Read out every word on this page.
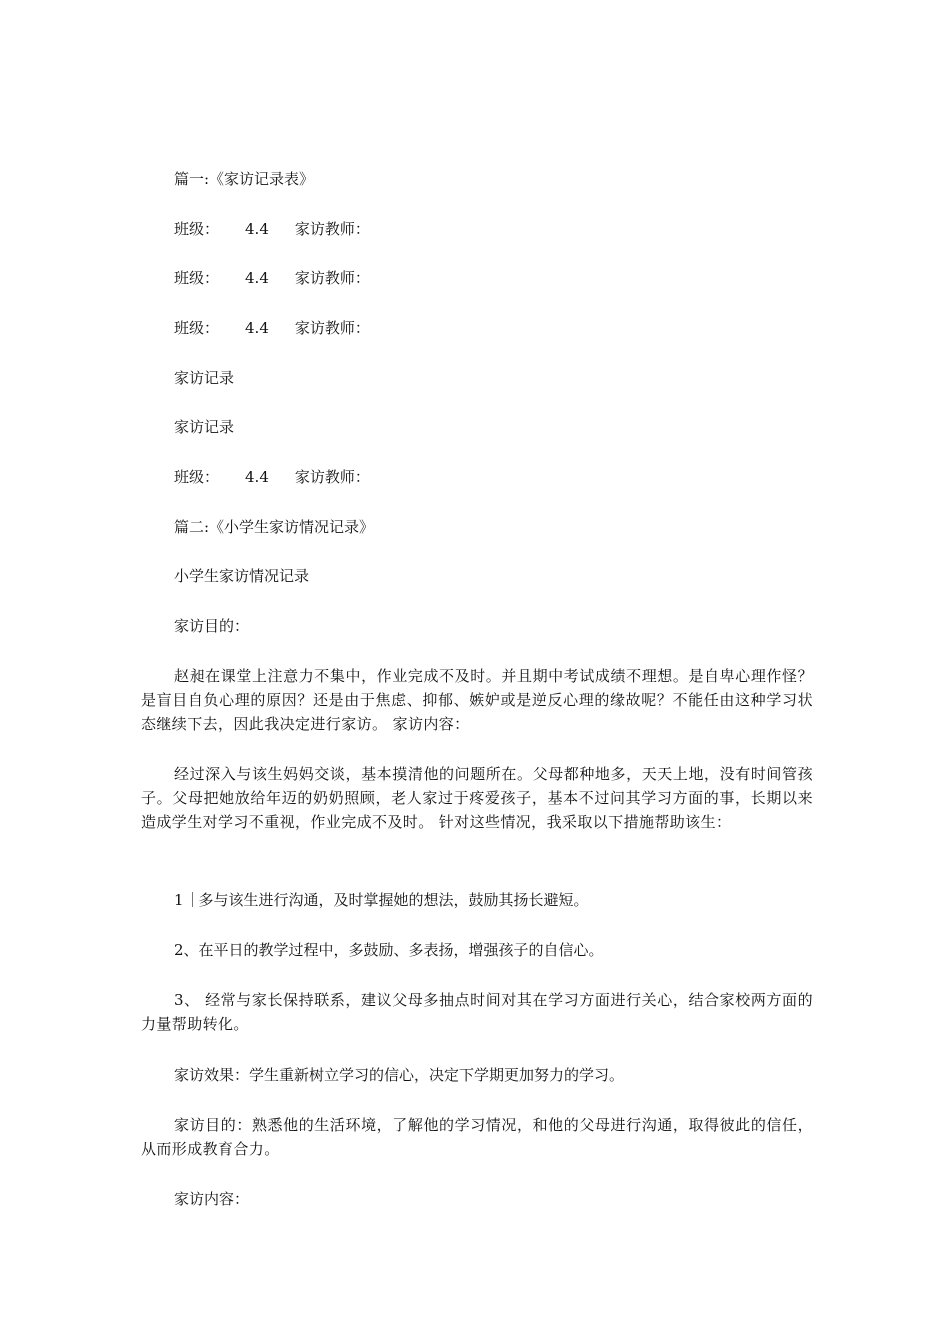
篇一:《家访记录表》
班级： 4.4 家访教师：
班级： 4.4 家访教师：
班级： 4.4 家访教师：
家访记录
家访记录
班级： 4.4 家访教师：
篇二:《小学生家访情况记录》
小学生家访情况记录
家访目的：
赵昶在课堂上注意力不集中，作业完成不及时。并且期中考试成绩不理想。是自卑心理作怪？是盲目自负心理的原因？还是由于焦虑、抑郁、嫉妒或是逆反心理的缘故呢？不能任由这种学习状态继续下去，因此我决定进行家访。 家访内容：
经过深入与该生妈妈交谈，基本摸清他的问题所在。父母都种地多，天天上地，没有时间管孩子。父母把她放给年迈的奶奶照顾，老人家过于疼爱孩子，基本不过问其学习方面的事，长期以来造成学生对学习不重视，作业完成不及时。 针对这些情况，我采取以下措施帮助该生：
1 多与该生进行沟通，及时掌握她的想法，鼓励其扬长避短。
2、在平日的教学过程中，多鼓励、多表扬，增强孩子的自信心。
3、 经常与家长保持联系，建议父母多抽点时间对其在学习方面进行关心，结合家校两方面的力量帮助转化。
家访效果：学生重新树立学习的信心，决定下学期更加努力的学习。
家访目的：熟悉他的生活环境，了解他的学习情况，和他的父母进行沟通，取得彼此的信任，从而形成教育合力。
家访内容：
